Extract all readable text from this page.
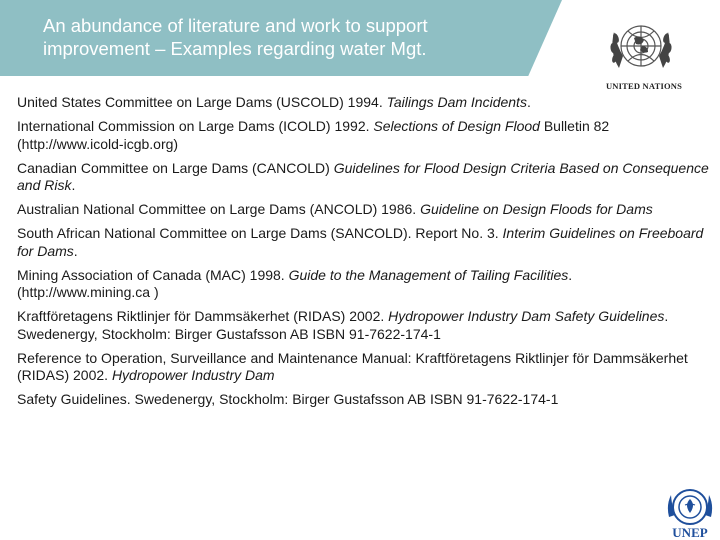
An abundance of literature and work to support
improvement – Examples regarding water Mgt.
UNITED NATIONS

United States Committee on Large Dams (USCOLD) 1994. Tailings Dam Incidents.

International Commission on Large Dams (ICOLD) 1992. Selections of Design Flood Bulletin 82 (http://www.icold-icgb.org)

Canadian Committee on Large Dams (CANCOLD) Guidelines for Flood Design Criteria Based on Consequence and Risk.

Australian National Committee on Large Dams (ANCOLD) 1986. Guideline on Design Floods for Dams

South African National Committee on Large Dams (SANCOLD). Report No. 3. Interim Guidelines on Freeboard for Dams.

Mining Association of Canada (MAC) 1998. Guide to the Management of Tailing Facilities. (http://www.mining.ca )

Kraftföretagens Riktlinjer för Dammsäkerhet (RIDAS) 2002. Hydropower Industry Dam Safety Guidelines. Swedenergy, Stockholm: Birger Gustafsson AB ISBN 91-7622-174-1

Reference to Operation, Surveillance and Maintenance Manual: Kraftföretagens Riktlinjer för Dammsäkerhet (RIDAS) 2002. Hydropower Industry Dam

Safety Guidelines. Swedenergy, Stockholm: Birger Gustafsson AB ISBN 91-7622-174-1

UNEP
